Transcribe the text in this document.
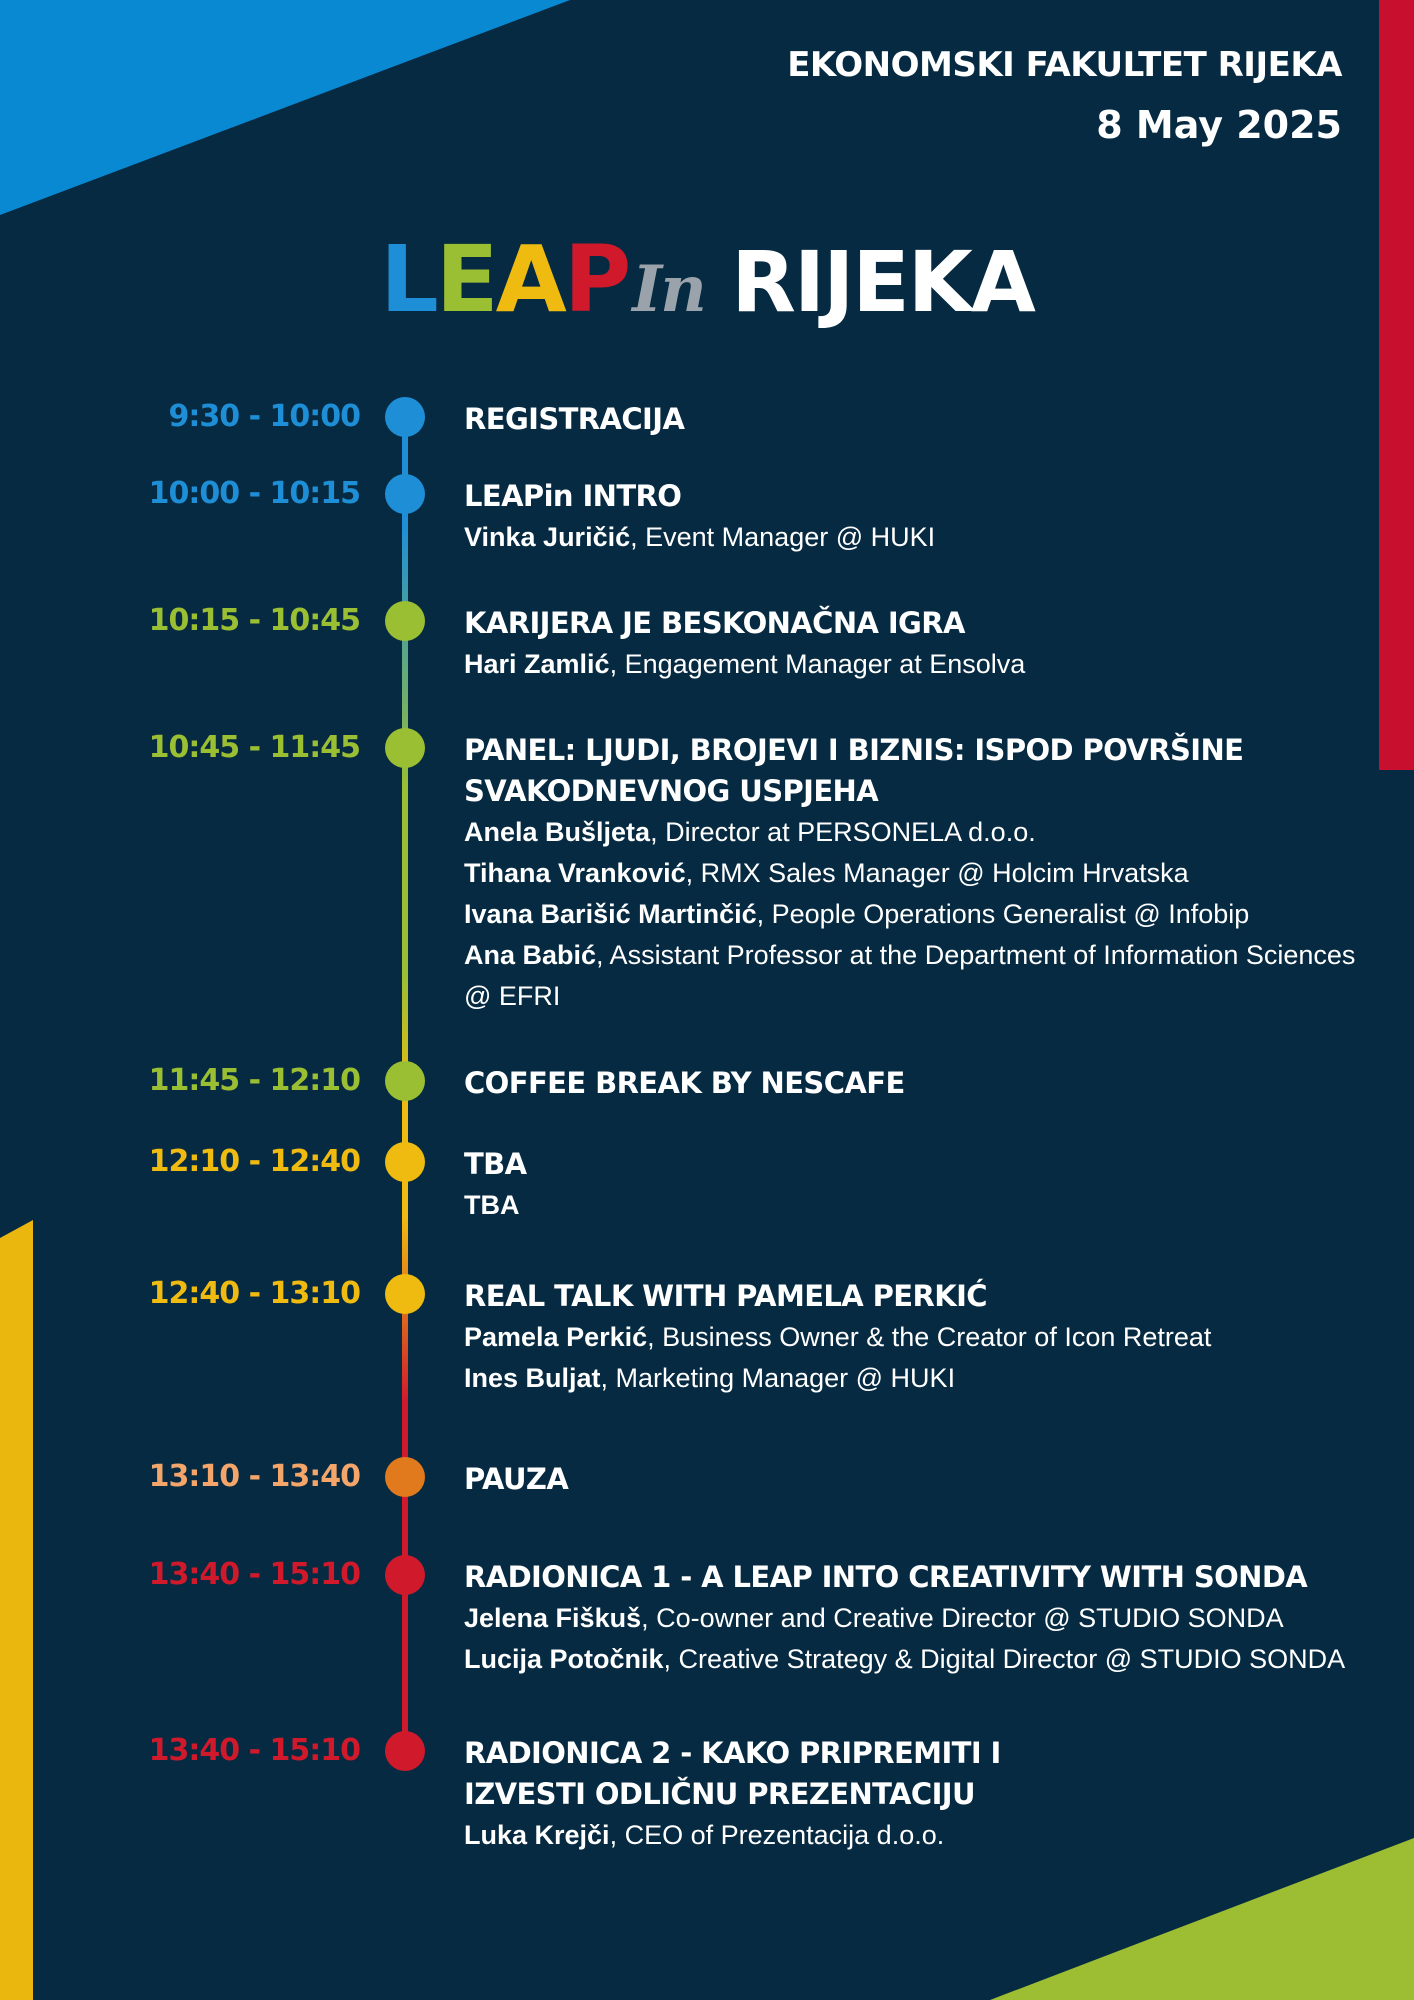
EKONOMSKI FAKULTET RIJEKA
8 May 2025
LEAPIn RIJEKA
9:30 - 10:00	REGISTRACIJA
10:00 - 10:15	LEAPin INTRO
Vinka Juričić, Event Manager @ HUKI
10:15 - 10:45	KARIJERA JE BESKONAČNA IGRA
Hari Zamlić, Engagement Manager at Ensolva
10:45 - 11:45	PANEL: LJUDI, BROJEVI I BIZNIS: ISPOD POVRŠINE
SVAKODNEVNOG USPJEHA
Anela Bušljeta, Director at PERSONELA d.o.o.
Tihana Vranković, RMX Sales Manager @ Holcim Hrvatska
Ivana Barišić Martinčić, People Operations Generalist @ Infobip
Ana Babić, Assistant Professor at the Department of Information Sciences @ EFRI
11:45 - 12:10	COFFEE BREAK BY NESCAFE
12:10 - 12:40	TBA
TBA
12:40 - 13:10	REAL TALK WITH PAMELA PERKIĆ
Pamela Perkić, Business Owner & the Creator of Icon Retreat
Ines Buljat, Marketing Manager @ HUKI
13:10 - 13:40	PAUZA
13:40 - 15:10	RADIONICA 1 - A LEAP INTO CREATIVITY WITH SONDA
Jelena Fiškuš, Co-owner and Creative Director @ STUDIO SONDA
Lucija Potočnik, Creative Strategy & Digital Director @ STUDIO SONDA
13:40 - 15:10	RADIONICA 2 - KAKO PRIPREMITI I
IZVESTI ODLIČNU PREZENTACIJU
Luka Krejči, CEO of Prezentacija d.o.o.
